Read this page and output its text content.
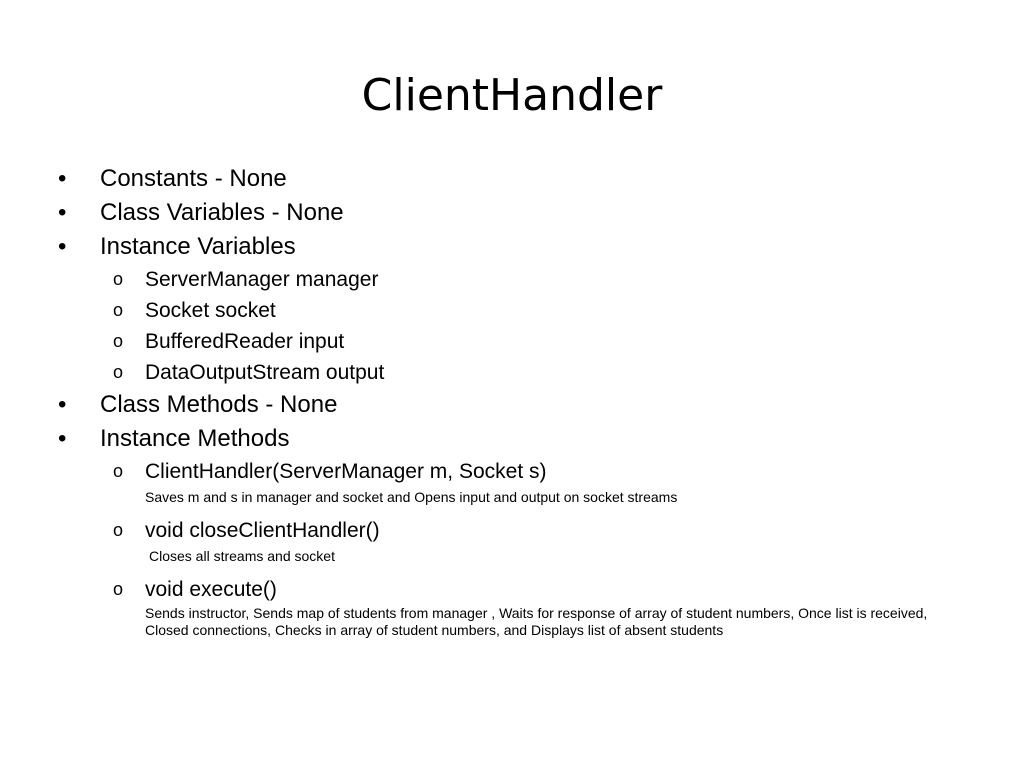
ClientHandler
•	Constants - None
•	Class Variables - None
•	Instance Variables
o ServerManager manager
o Socket socket
o BufferedReader input
o DataOutputStream output
•	Class Methods - None
•	Instance Methods
o ClientHandler(ServerManager m, Socket s)
Saves m and s in manager and socket and Opens input and output on socket streams
o void closeClientHandler()
Closes all streams and socket
o void execute()
Sends instructor, Sends map of students from manager , Waits for response of array of student numbers, Once list is received, Closed connections, Checks in array of student numbers, and Displays list of absent students
